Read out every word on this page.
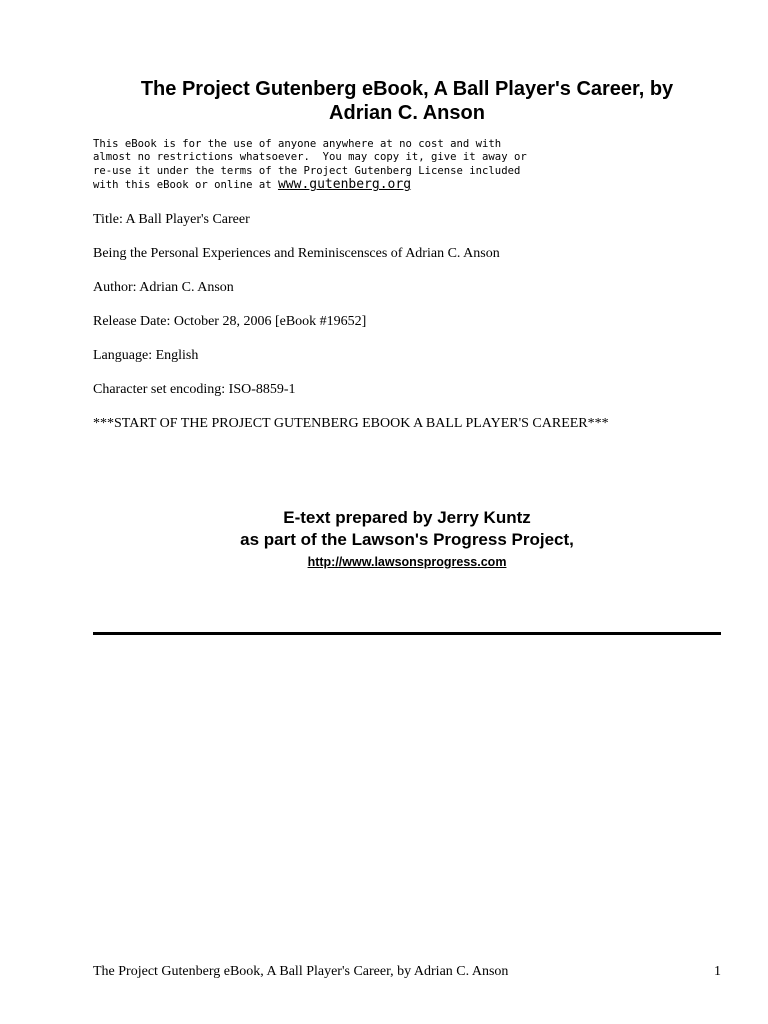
The Project Gutenberg eBook, A Ball Player's Career, by
Adrian C. Anson
This eBook is for the use of anyone anywhere at no cost and with
almost no restrictions whatsoever.  You may copy it, give it away or
re-use it under the terms of the Project Gutenberg License included
with this eBook or online at www.gutenberg.org

Title: A Ball Player's Career

Being the Personal Experiences and Reminiscensces of Adrian C. Anson

Author: Adrian C. Anson

Release Date: October 28, 2006 [eBook #19652]

Language: English

Character set encoding: ISO-8859-1

***START OF THE PROJECT GUTENBERG EBOOK A BALL PLAYER'S CAREER***

E-text prepared by Jerry Kuntz
as part of the Lawson's Progress Project,
http://www.lawsonsprogress.com
The Project Gutenberg eBook, A Ball Player's Career, by Adrian C. Anson	1
